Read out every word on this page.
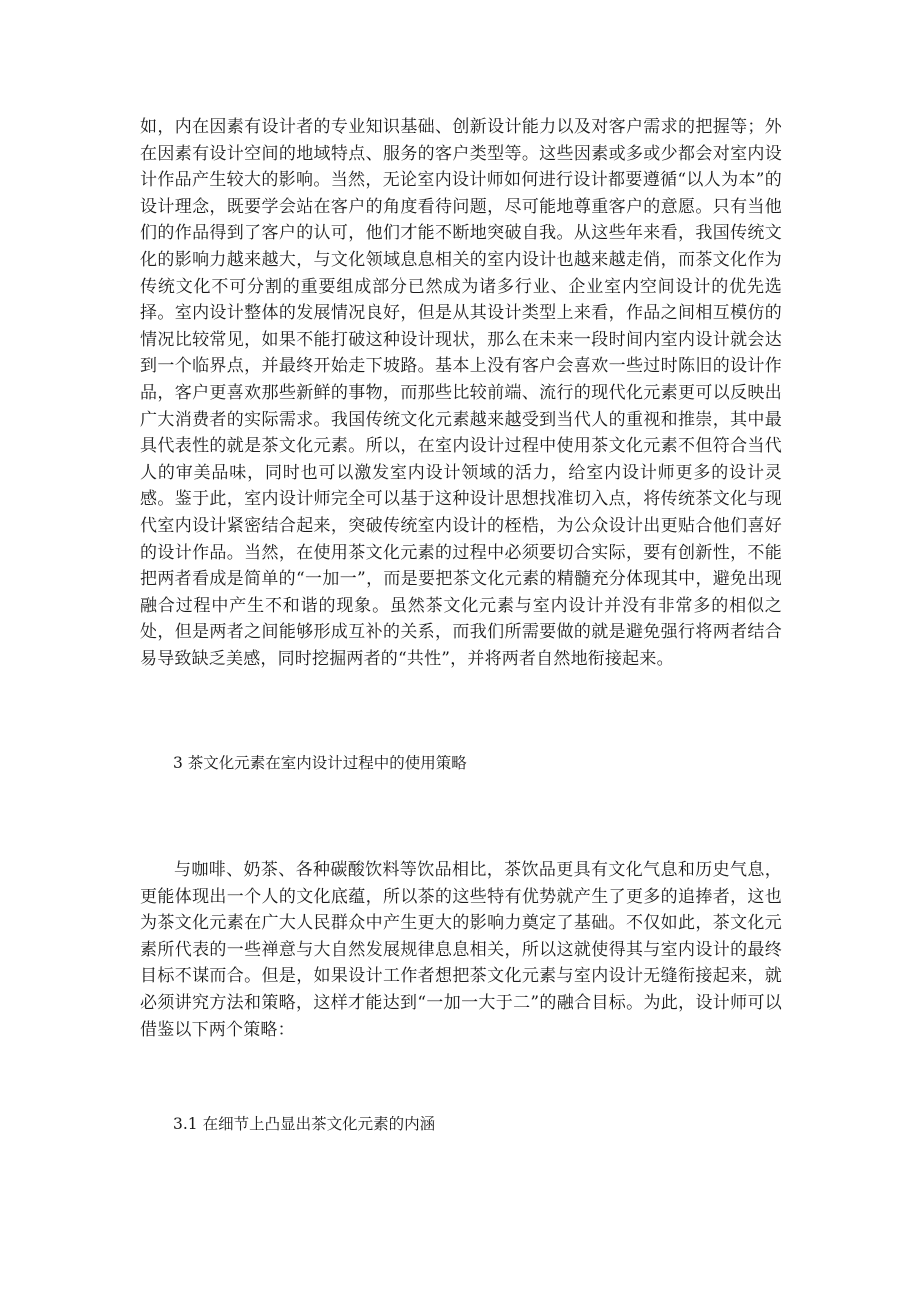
如，内在因素有设计者的专业知识基础、创新设计能力以及对客户需求的把握等；外在因素有设计空间的地域特点、服务的客户类型等。这些因素或多或少都会对室内设计作品产生较大的影响。当然，无论室内设计师如何进行设计都要遵循“以人为本”的设计理念，既要学会站在客户的角度看待问题，尽可能地尊重客户的意愿。只有当他们的作品得到了客户的认可，他们才能不断地突破自我。从这些年来看，我国传统文化的影响力越来越大，与文化领域息息相关的室内设计也越来越走俏，而茶文化作为传统文化不可分割的重要组成部分已然成为诸多行业、企业室内空间设计的优先选择。室内设计整体的发展情况良好，但是从其设计类型上来看，作品之间相互模仿的情况比较常见，如果不能打破这种设计现状，那么在未来一段时间内室内设计就会达到一个临界点，并最终开始走下坡路。基本上没有客户会喜欢一些过时陈旧的设计作品，客户更喜欢那些新鲜的事物，而那些比较前端、流行的现代化元素更可以反映出广大消费者的实际需求。我国传统文化元素越来越受到当代人的重视和推崇，其中最具代表性的就是茶文化元素。所以，在室内设计过程中使用茶文化元素不但符合当代人的审美品味，同时也可以激发室内设计领域的活力，给室内设计师更多的设计灵感。鉴于此，室内设计师完全可以基于这种设计思想找准切入点，将传统茶文化与现代室内设计紧密结合起来，突破传统室内设计的桎梏，为公众设计出更贴合他们喜好的设计作品。当然，在使用茶文化元素的过程中必须要切合实际，要有创新性，不能把两者看成是简单的“一加一”，而是要把茶文化元素的精髓充分体现其中，避免出现融合过程中产生不和谐的现象。虽然茶文化元素与室内设计并没有非常多的相似之处，但是两者之间能够形成互补的关系，而我们所需要做的就是避免强行将两者结合易导致缺乏美感，同时挖掘两者的“共性”，并将两者自然地衔接起来。

3 茶文化元素在室内设计过程中的使用策略

与咖啡、奶茶、各种碳酸饮料等饮品相比，茶饮品更具有文化气息和历史气息，更能体现出一个人的文化底蕴，所以茶的这些特有优势就产生了更多的追捧者，这也为茶文化元素在广大人民群众中产生更大的影响力奠定了基础。不仅如此，茶文化元素所代表的一些禅意与大自然发展规律息息相关，所以这就使得其与室内设计的最终目标不谋而合。但是，如果设计工作者想把茶文化元素与室内设计无缝衔接起来，就必须讲究方法和策略，这样才能达到“一加一大于二”的融合目标。为此，设计师可以借鉴以下两个策略：

3.1 在细节上凸显出茶文化元素的内涵
